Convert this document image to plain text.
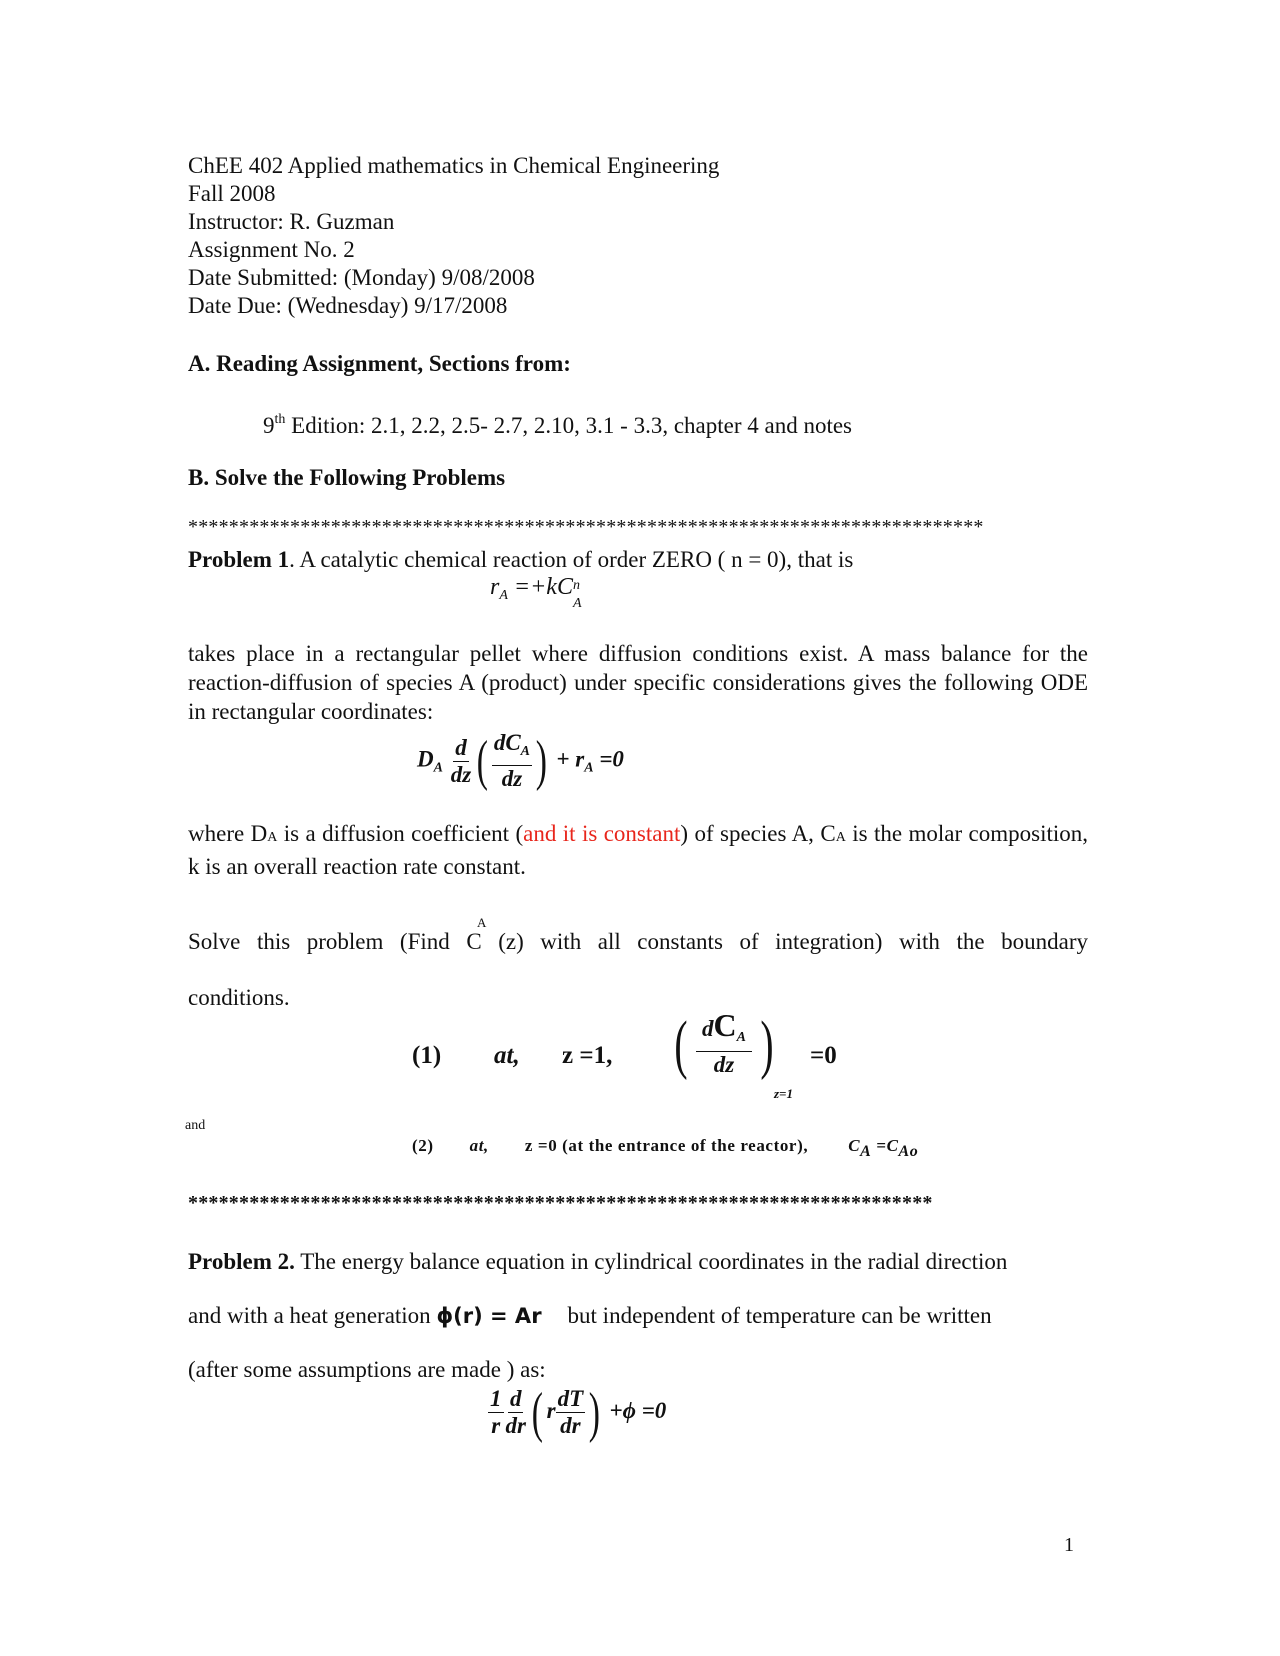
ChEE 402 Applied mathematics in Chemical Engineering
Fall 2008
Instructor: R. Guzman
Assignment No. 2
Date Submitted: (Monday) 9/08/2008
Date Due: (Wednesday) 9/17/2008
A. Reading Assignment, Sections from:
9th Edition: 2.1, 2.2, 2.5- 2.7, 2.10, 3.1 - 3.3, chapter 4 and notes
B. Solve the Following Problems
******************************************************************************
Problem 1. A catalytic chemical reaction of order ZERO ( n = 0), that is
$r_A =+kC$ n
A
takes place in a rectangular pellet where diffusion conditions exist. A mass balance for the reaction-diffusion of species A (product) under specific considerations gives the following ODE in rectangular coordinates:
$D_A \frac{d}{dz}$ ( $\frac{dC_A}{dz}$ ) + $r_A =0$
where DA is a diffusion coefficient (and it is constant) of species A, CA is the molar composition, k is an overall reaction rate constant.
A
Solve this problem (Find C (z) with all constants of integration) with the boundary
conditions.
(1) at, z =1, ( $\frac{dC_A}{dz}$ )
z=1
=0
and
(2) at, z =0 (at the entrance of the reactor), CA =CAo
*************************************************************************
Problem 2. The energy balance equation in cylindrical coordinates in the radial direction
and with a heat generation ϕ(r) = Ar but independent of temperature can be written
(after some assumptions are made ) as:
$\frac{1}{r} \frac{d}{dr}$ ( r $\frac{dT}{dr}$ ) +ϕ =0
1
